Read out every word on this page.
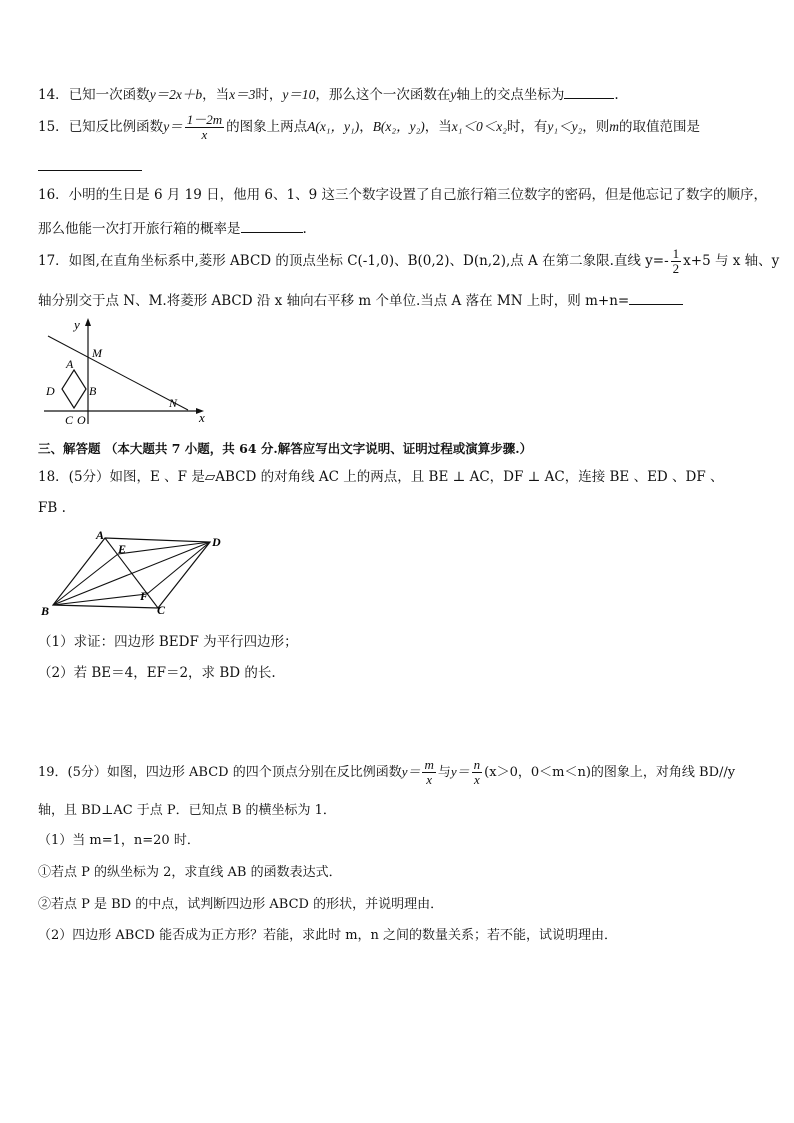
14．已知一次函数y＝2x＋b，当x＝3时，y＝10，那么这个一次函数在y轴上的交点坐标为	.
15．已知反比例函数$y= \frac{1-2m}{x}$ 的图象上两点A(x₁，y₁)，B(x₂，y₂)，当x₁＜0＜x₂时，有y₁＜y₂，则m的取值范围是
16．小明的生日是 6 月 19 日，他用 6、1、9 这三个数字设置了自己旅行箱三位数字的密码，但是他忘记了数字的顺序，
那么他能一次打开旅行箱的概率是	.
17．如图,在直角坐标系中,菱形 ABCD 的顶点坐标 C(-1,0)、B(0,2)、D(n,2),点 A 在第二象限.直线 $y=- \frac{1}{2} x+5$ 与 x 轴、y
轴分别交于点 N、M.将菱形 ABCD 沿 x 轴向右平移 m 个单位.当点 A 落在 MN 上时，则 m+n=
y
x
M
A
D	B
C O
N
三、解答题 （本大题共 7 小题，共 64 分.解答应写出文字说明、证明过程或演算步骤.）
18．(5分）如图，E 、F 是▱ABCD 的对角线 AC 上的两点，且 BE ⊥ AC，DF ⊥ AC，连接 BE 、ED 、DF 、
FB .
A
E	D
F
B	C
（1）求证：四边形 BEDF 为平行四边形；
（2）若 BE＝4，EF＝2，求 BD 的长.
19．(5分）如图，四边形 ABCD 的四个顶点分别在反比例函数$y= \frac{m}{x}$ 与$y= \frac{n}{x} (x>0$，0＜m＜n)的图象上，对角线 BD//y
轴，且 BD⊥AC 于点 P．已知点 B 的横坐标为 1．
（1）当 m=1，n=20 时．
①若点 P 的纵坐标为 2，求直线 AB 的函数表达式．
②若点 P 是 BD 的中点，试判断四边形 ABCD 的形状，并说明理由．
（2）四边形 ABCD 能否成为正方形？若能，求此时 m，n 之间的数量关系；若不能，试说明理由．
